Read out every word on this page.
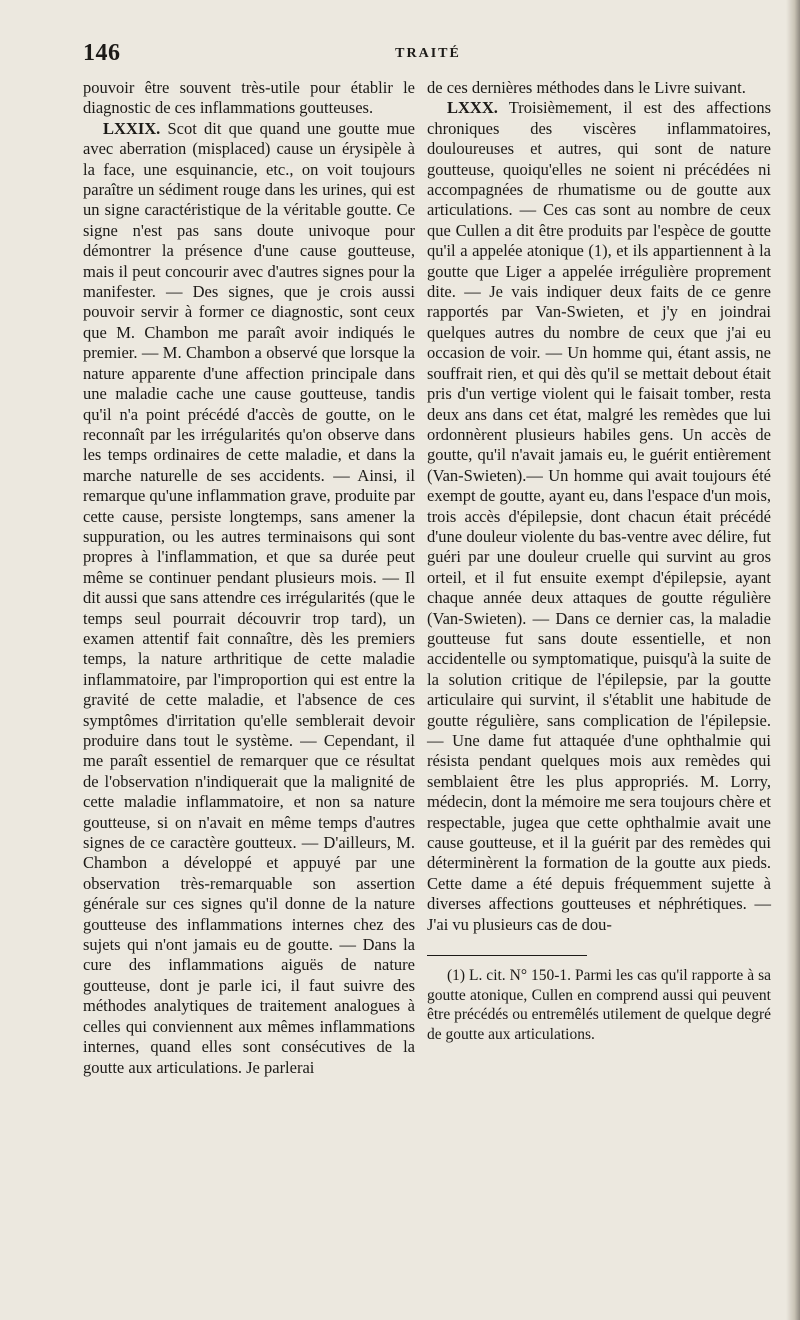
146	TRAITÉ

pouvoir être souvent très-utile pour établir le diagnostic de ces inflammations goutteuses.

LXXIX. Scot dit que quand une goutte mue avec aberration (misplaced) cause un érysipèle à la face, une esquinancie, etc., on voit toujours paraître un sédiment rouge dans les urines, qui est un signe caractéristique de la véritable goutte. Ce signe n'est pas sans doute univoque pour démontrer la présence d'une cause goutteuse, mais il peut concourir avec d'autres signes pour la manifester. — Des signes, que je crois aussi pouvoir servir à former ce diagnostic, sont ceux que M. Chambon me paraît avoir indiqués le premier. — M. Chambon a observé que lorsque la nature apparente d'une affection principale dans une maladie cache une cause goutteuse, tandis qu'il n'a point précédé d'accès de goutte, on le reconnaît par les irrégularités qu'on observe dans les temps ordinaires de cette maladie, et dans la marche naturelle de ses accidents. — Ainsi, il remarque qu'une inflammation grave, produite par cette cause, persiste longtemps, sans amener la suppuration, ou les autres terminaisons qui sont propres à l'inflammation, et que sa durée peut même se continuer pendant plusieurs mois. — Il dit aussi que sans attendre ces irrégularités (que le temps seul pourrait découvrir trop tard), un examen attentif fait connaître, dès les premiers temps, la nature arthritique de cette maladie inflammatoire, par l'improportion qui est entre la gravité de cette maladie, et l'absence de ces symptômes d'irritation qu'elle semblerait devoir produire dans tout le système. — Cependant, il me paraît essentiel de remarquer que ce résultat de l'observation n'indiquerait que la malignité de cette maladie inflammatoire, et non sa nature goutteuse, si on n'avait en même temps d'autres signes de ce caractère goutteux. — D'ailleurs, M. Chambon a développé et appuyé par une observation très-remarquable son assertion générale sur ces signes qu'il donne de la nature goutteuse des inflammations internes chez des sujets qui n'ont jamais eu de goutte. — Dans la cure des inflammations aiguës de nature goutteuse, dont je parle ici, il faut suivre des méthodes analytiques de traitement analogues à celles qui conviennent aux mêmes inflammations internes, quand elles sont consécutives de la goutte aux articulations. Je parlerai

de ces dernières méthodes dans le Livre suivant.

LXXX. Troisièmement, il est des affections chroniques des viscères inflammatoires, douloureuses et autres, qui sont de nature goutteuse, quoiqu'elles ne soient ni précédées ni accompagnées de rhumatisme ou de goutte aux articulations. — Ces cas sont au nombre de ceux que Cullen a dit être produits par l'espèce de goutte qu'il a appelée atonique (1), et ils appartiennent à la goutte que Liger a appelée irrégulière proprement dite. — Je vais indiquer deux faits de ce genre rapportés par Van-Swieten, et j'y en joindrai quelques autres du nombre de ceux que j'ai eu occasion de voir. — Un homme qui, étant assis, ne souffrait rien, et qui dès qu'il se mettait debout était pris d'un vertige violent qui le faisait tomber, resta deux ans dans cet état, malgré les remèdes que lui ordonnèrent plusieurs habiles gens. Un accès de goutte, qu'il n'avait jamais eu, le guérit entièrement (Van-Swieten).— Un homme qui avait toujours été exempt de goutte, ayant eu, dans l'espace d'un mois, trois accès d'épilepsie, dont chacun était précédé d'une douleur violente du bas-ventre avec délire, fut guéri par une douleur cruelle qui survint au gros orteil, et il fut ensuite exempt d'épilepsie, ayant chaque année deux attaques de goutte régulière (Van-Swieten). — Dans ce dernier cas, la maladie goutteuse fut sans doute essentielle, et non accidentelle ou symptomatique, puisqu'à la suite de la solution critique de l'épilepsie, par la goutte articulaire qui survint, il s'établit une habitude de goutte régulière, sans complication de l'épilepsie. — Une dame fut attaquée d'une ophthalmie qui résista pendant quelques mois aux remèdes qui semblaient être les plus appropriés. M. Lorry, médecin, dont la mémoire me sera toujours chère et respectable, jugea que cette ophthalmie avait une cause goutteuse, et il la guérit par des remèdes qui déterminèrent la formation de la goutte aux pieds. Cette dame a été depuis fréquemment sujette à diverses affections goutteuses et néphrétiques. — J'ai vu plusieurs cas de dou-

(1) L. cit. N° 150-1. Parmi les cas qu'il rapporte à sa goutte atonique, Cullen en comprend aussi qui peuvent être précédés ou entremêlés utilement de quelque degré de goutte aux articulations.
